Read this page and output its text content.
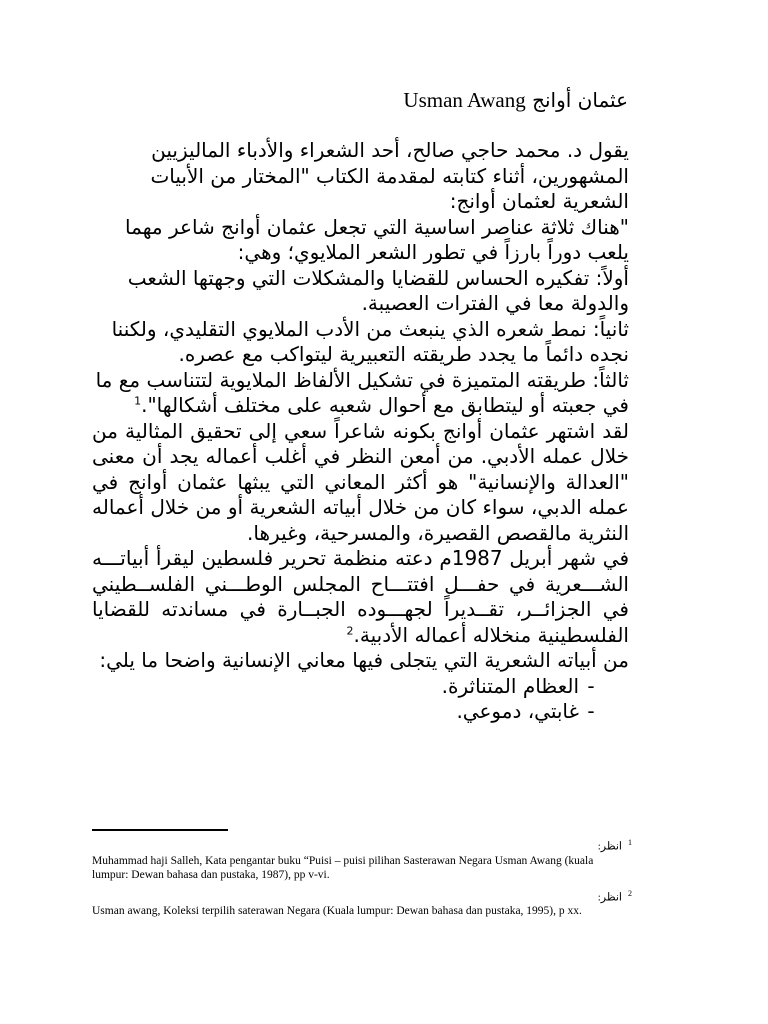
عثمان أوانج Usman Awang

يقول د. محمد حاجي صالح، أحد الشعراء والأدباء الماليزيين المشهورين، أثناء كتابته لمقدمة الكتاب "المختار من الأبيات الشعرية لعثمان أوانج:

"هناك ثلاثة عناصر اساسية التي تجعل عثمان أوانج شاعر مهما يلعب دوراً بارزاً في تطور الشعر الملايوي؛ وهي:

أولاً: تفكيره الحساس للقضايا والمشكلات التي وجهتها الشعب والدولة معا في الفترات العصيبة.

ثانياً: نمط شعره الذي ينبعث من الأدب الملايوي التقليدي، ولكننا نجده دائماً ما يجدد طريقته التعبيرية ليتواكب مع عصره.

ثالثاً: طريقته المتميزة في تشكيل الألفاظ الملايوية لتتناسب مع ما في جعبته أو ليتطابق مع أحوال شعبه على مختلف أشكالها".$^1$

لقد اشتهر عثمان أوانج بكونه شاعراً سعي إلى تحقيق المثالية من خلال عمله الأدبي. من أمعن النظر في أغلب أعماله يجد أن معنى "العدالة والإنسانية" هو أكثر المعاني التي يبثها عثمان أوانج في عمله الدبي، سواء كان من خلال أبياته الشعرية أو من خلال أعماله النثرية مالقصص القصيرة، والمسرحية، وغيرها.

في شهر أبريل 1987م دعته منظمة تحرير فلسطين ليقرأ أبياتـــه الشـــعرية في حفـــل افتتـــاح المجلس الوطـــني الفلســطيني في الجزائــر، تقــديراً لجهـــوده الجبــارة في مساندته للقضايا الفلسطينية منخلاله أعماله الأدبية.$^2$

من أبياته الشعرية التي يتجلى فيها معاني الإنسانية واضحا ما يلي:

-العظام المتناثرة.
-غابتي، دموعي.
$^1$انظر:
Muhammad haji Salleh, Kata pengantar buku “Puisi – puisi pilihan Sasterawan Negara Usman Awang (kuala lumpur: Dewan bahasa dan pustaka, 1987), pp v-vi.
$^2$انظر:
Usman awang, Koleksi terpilih saterawan Negara (Kuala lumpur: Dewan bahasa dan pustaka, 1995), p xx.
